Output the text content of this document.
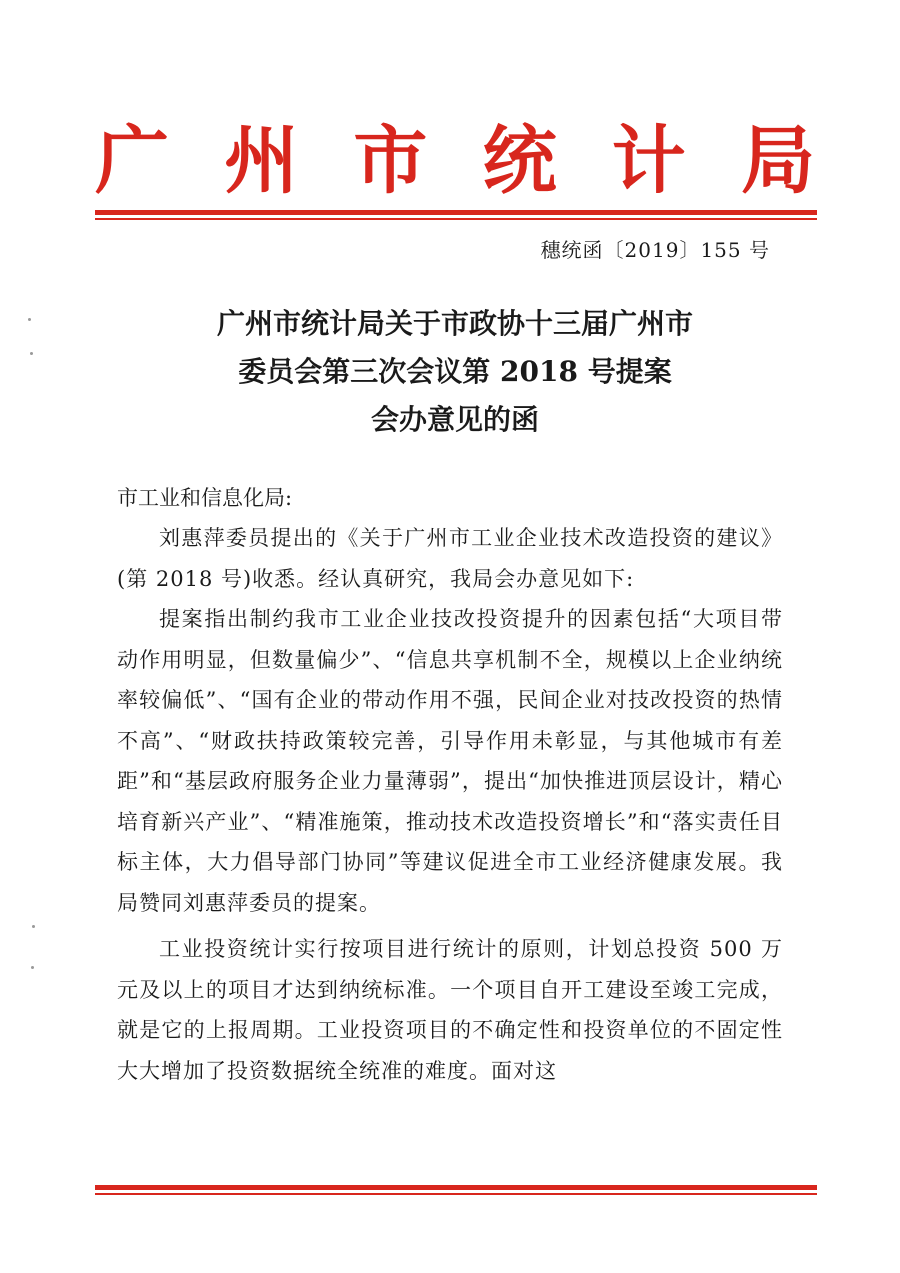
广 州 市 统 计 局
穗统函〔2019〕155 号
广州市统计局关于市政协十三届广州市
委员会第三次会议第 2018 号提案
会办意见的函
市工业和信息化局:

刘惠萍委员提出的《关于广州市工业企业技术改造投资的建议》(第 2018 号)收悉。经认真研究，我局会办意见如下:

提案指出制约我市工业企业技改投资提升的因素包括“大项目带动作用明显，但数量偏少”、“信息共享机制不全，规模以上企业纳统率较偏低”、“国有企业的带动作用不强，民间企业对技改投资的热情不高”、“财政扶持政策较完善，引导作用未彰显，与其他城市有差距”和“基层政府服务企业力量薄弱”，提出“加快推进顶层设计，精心培育新兴产业”、“精准施策，推动技术改造投资增长”和“落实责任目标主体，大力倡导部门协同”等建议促进全市工业经济健康发展。我局赞同刘惠萍委员的提案。

工业投资统计实行按项目进行统计的原则，计划总投资 500 万元及以上的项目才达到纳统标准。一个项目自开工建设至竣工完成，就是它的上报周期。工业投资项目的不确定性和投资单位的不固定性大大增加了投资数据统全统准的难度。面对这
